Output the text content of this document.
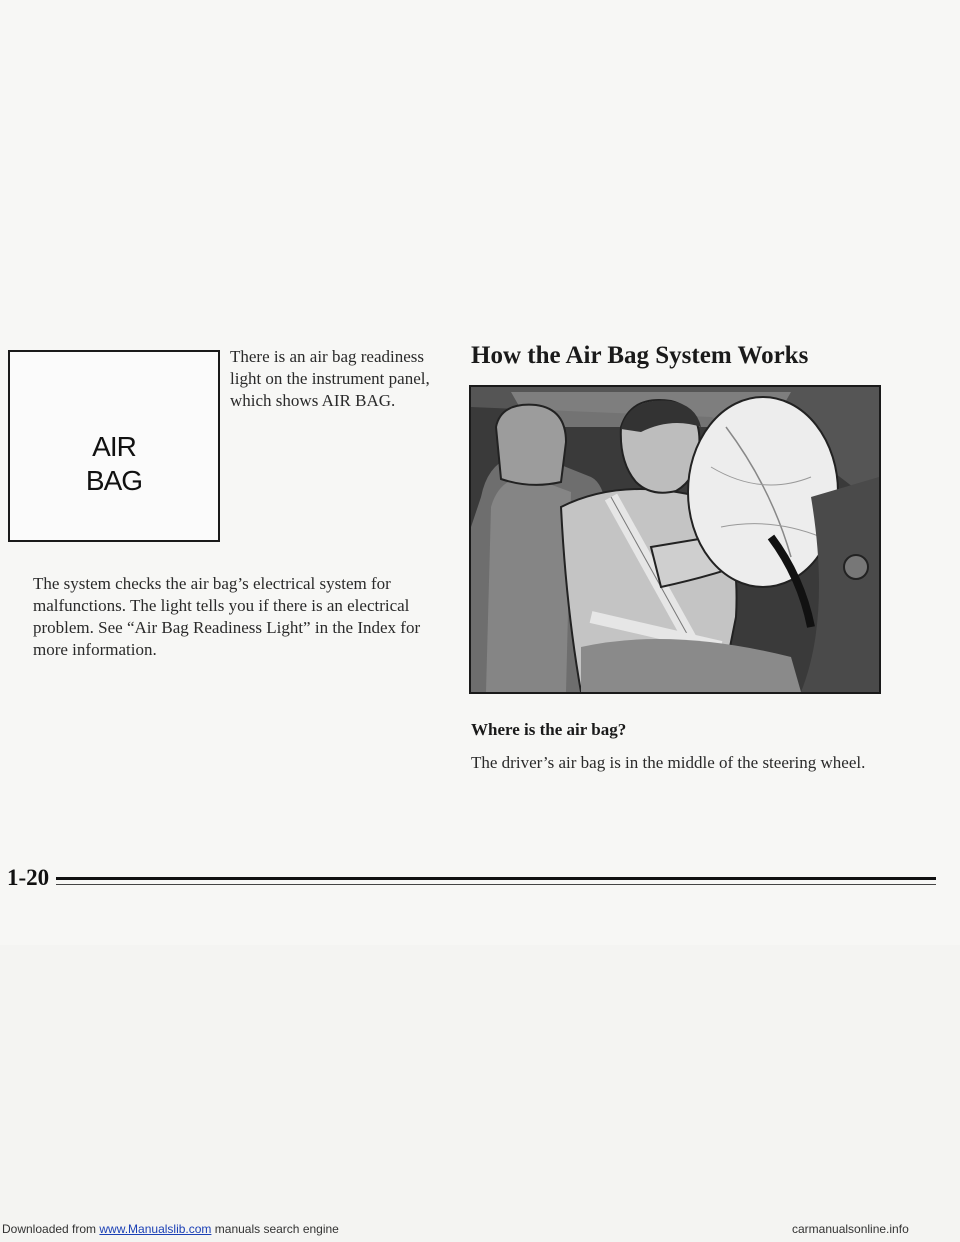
AIR
BAG
There is an air bag readiness light on the instrument panel, which shows AIR BAG.
The system checks the air bag’s electrical system for malfunctions. The light tells you if there is an electrical problem. See “Air Bag Readiness Light” in the Index for more information.
How the Air Bag System Works
Where is the air bag?
The driver’s air bag is in the middle of the steering wheel.
1-20
Downloaded from www.Manualslib.com manuals search engine	carmanualsonline.info
